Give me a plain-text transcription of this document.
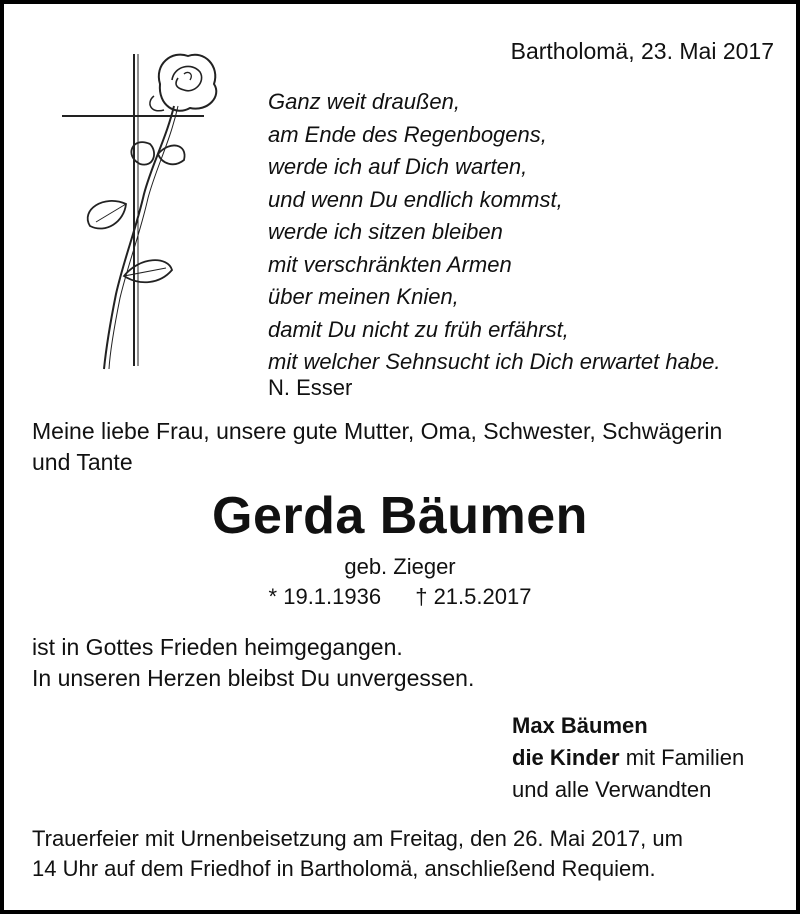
Bartholomä, 23. Mai 2017
Ganz weit draußen,
am Ende des Regenbogens,
werde ich auf Dich warten,
und wenn Du endlich kommst,
werde ich sitzen bleiben
mit verschränkten Armen
über meinen Knien,
damit Du nicht zu früh erfährst,
mit welcher Sehnsucht ich Dich erwartet habe.
N. Esser
Meine liebe Frau, unsere gute Mutter, Oma, Schwester, Schwägerin
und Tante
Gerda Bäumen
geb. Zieger
* 19.1.1936 † 21.5.2017
ist in Gottes Frieden heimgegangen.
In unseren Herzen bleibst Du unvergessen.
Max Bäumen
die Kinder mit Familien
und alle Verwandten
Trauerfeier mit Urnenbeisetzung am Freitag, den 26. Mai 2017, um
14 Uhr auf dem Friedhof in Bartholomä, anschließend Requiem.
